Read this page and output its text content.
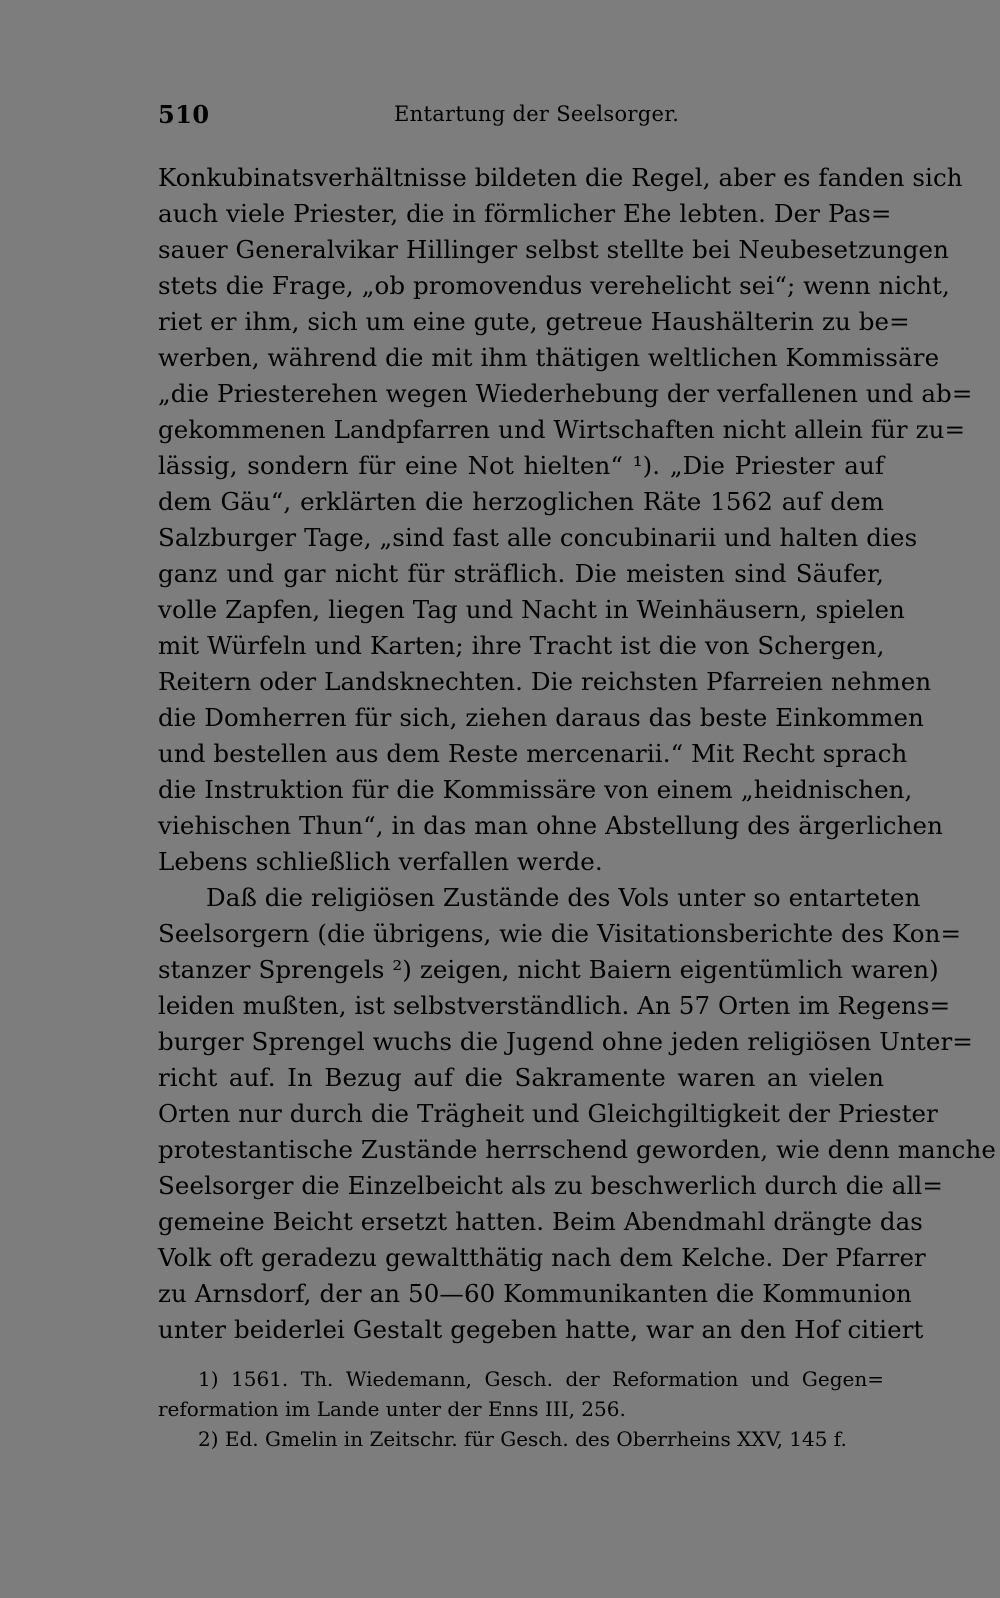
510	Entartung der Seelsorger.
Konkubinatsverhältnisse bildeten die Regel, aber es fanden sich
auch viele Priester, die in förmlicher Ehe lebten. Der Pas=
sauer Generalvikar Hillinger selbst stellte bei Neubesetzungen
stets die Frage, „ob promovendus verehelicht sei“; wenn nicht,
riet er ihm, sich um eine gute, getreue Haushälterin zu be=
werben, während die mit ihm thätigen weltlichen Kommissäre
„die Priesterehen wegen Wiederhebung der verfallenen und ab=
gekommenen Landpfarren und Wirtschaften nicht allein für zu=
lässig, sondern für eine Not hielten“ ¹). „Die Priester auf
dem Gäu“, erklärten die herzoglichen Räte 1562 auf dem
Salzburger Tage, „sind fast alle concubinarii und halten dies
ganz und gar nicht für sträflich. Die meisten sind Säufer,
volle Zapfen, liegen Tag und Nacht in Weinhäusern, spielen
mit Würfeln und Karten; ihre Tracht ist die von Schergen,
Reitern oder Landsknechten. Die reichsten Pfarreien nehmen
die Domherren für sich, ziehen daraus das beste Einkommen
und bestellen aus dem Reste mercenarii.“ Mit Recht sprach
die Instruktion für die Kommissäre von einem „heidnischen,
viehischen Thun“, in das man ohne Abstellung des ärgerlichen
Lebens schließlich verfallen werde.
Daß die religiösen Zustände des Vols unter so entarteten
Seelsorgern (die übrigens, wie die Visitationsberichte des Kon=
stanzer Sprengels ²) zeigen, nicht Baiern eigentümlich waren)
leiden mußten, ist selbstverständlich. An 57 Orten im Regens=
burger Sprengel wuchs die Jugend ohne jeden religiösen Unter=
richt auf. In Bezug auf die Sakramente waren an vielen
Orten nur durch die Trägheit und Gleichgiltigkeit der Priester
protestantische Zustände herrschend geworden, wie denn manche
Seelsorger die Einzelbeicht als zu beschwerlich durch die all=
gemeine Beicht ersetzt hatten. Beim Abendmahl drängte das
Volk oft geradezu gewaltthätig nach dem Kelche. Der Pfarrer
zu Arnsdorf, der an 50—60 Kommunikanten die Kommunion
unter beiderlei Gestalt gegeben hatte, war an den Hof citiert
1) 1561. Th. Wiedemann, Gesch. der Reformation und Gegen=
reformation im Lande unter der Enns III, 256.
2) Ed. Gmelin in Zeitschr. für Gesch. des Oberrheins XXV, 145 f.
